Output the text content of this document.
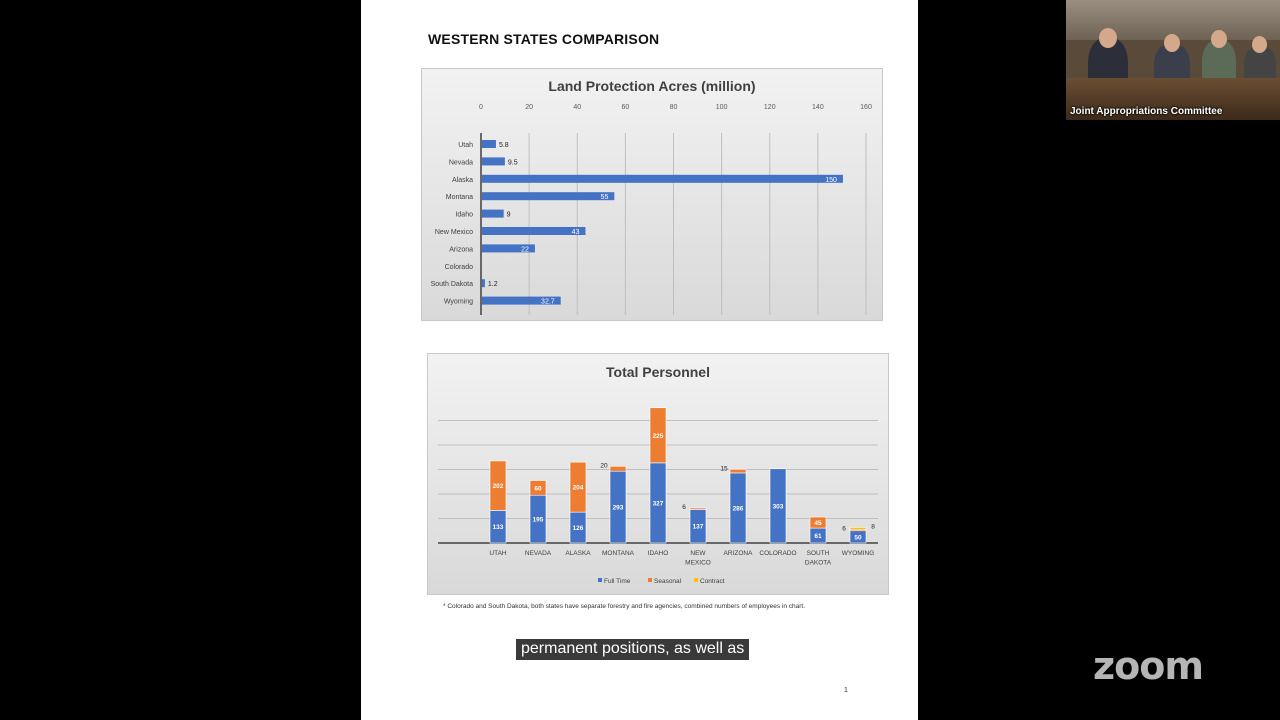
WESTERN STATES COMPARISON
Land Protection Acres (million)
0	20	40	60	80	100	120	140	160
Utah	5.8
Nevada	9.5
Alaska	150
Montana	55
Idaho	9
New Mexico	43
Arizona	22
Colorado
South Dakota 1.2
Wyoming	32.7
Total Personnel
133
202
UTAH
195
60
NEVADA
126
204
ALASKA
293
20
MONTANA
327
225
IDAHO
137
6
NEW
MEXICO
286
15
ARIZONA
303
COLORADO
61
45
SOUTH
DAKOTA
50
6	8
WYOMING
Full Time	Seasonal	Contract
* Colorado and South Dakota, both states have separate forestry and fire agencies, combined numbers of employees in chart.
1
permanent positions, as well as
Joint Appropriations Committee
zoom
